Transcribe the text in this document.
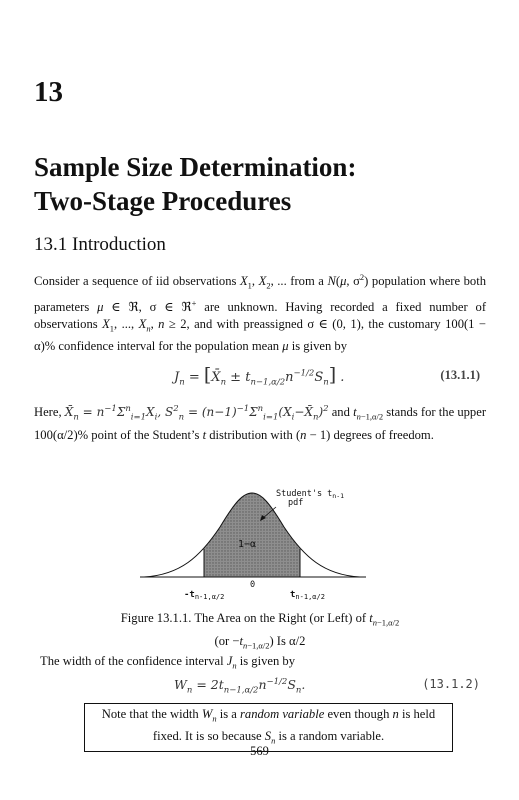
13
Sample Size Determination:
Two-Stage Procedures
13.1 Introduction
Consider a sequence of iid observations $X_1$, $X_2$, ... from a N(μ, $\sigma^2$) population where both parameters μ ∈ ℜ, σ ∈ ℜ+ are unknown. Having recorded a fixed number of observations $X_1$, ..., $X_n$, n ≥ 2, and with preassigned σ ∈ (0, 1), the customary 100(1 − α)% confidence interval for the population mean μ is given by
$J_n$ = $[X̄_n \pm t_{n-1,\alpha/2}n^{-1/2}S_n]$ .	(13.1.1)
Here, $X̄_n = n^{-1}\Sigma^n_{i=1}X_i$, $S^2_n$ = $(n-1)^{-1}\Sigma^n_{i=1}(X_i-X̄_n)^2$ and $t_{n-1,\alpha/2}$ stands for the upper 100(α/2)% point of the Student’s t distribution with (n − 1) degrees of freedom.
Student's $t_{n-1}$
pdf
1−α
0
$-t_{n-1,\alpha/2}$	$t_{n-1,\alpha/2}$
Figure 13.1.1. The Area on the Right (or Left) of $t_{n-1,\alpha/2}$
$(or -t_{n-1,\alpha/2})$ Is α/2
The width of the confidence interval $J_n$ is given by
$W_n = 2t_{n-1,\alpha/2}n^{-1/2}S_n$.	(13.1.2)
Note that the width $W_n$ is a random variable even though n is held fixed. It is so because $S_n$ is a random variable.
569
